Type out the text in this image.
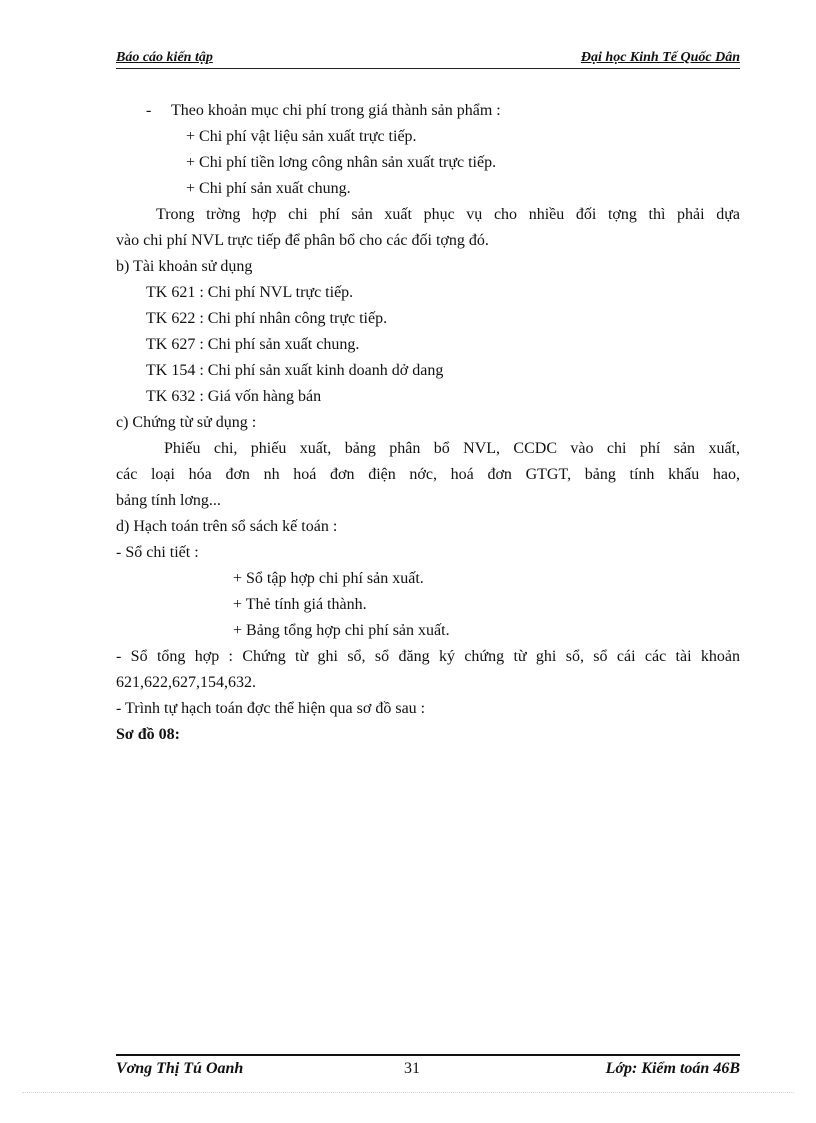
Báo cáo kiến tập	Đại học Kinh Tế Quốc Dân
- Theo khoản mục chi phí trong giá thành sản phẩm :
+ Chi phí vật liệu sản xuất trực tiếp.
+ Chi phí tiền lơng công nhân sản xuất trực tiếp.
+ Chi phí sản xuất chung.
Trong trờng hợp chi phí sản xuất phục vụ cho nhiều đối tợng thì phải dựa
vào chi phí NVL trực tiếp để phân bổ cho các đối tợng đó.
b) Tài khoản sử dụng
TK 621 : Chi phí NVL trực tiếp.
TK 622 : Chi phí nhân công trực tiếp.
TK 627 : Chi phí sản xuất chung.
TK 154 : Chi phí sản xuất kinh doanh dở dang
TK 632 : Giá vốn hàng bán
c) Chứng từ sử dụng :
Phiếu chi, phiếu xuất, bảng phân bổ NVL, CCDC vào chi phí sản xuất,
các loại hóa đơn nh hoá đơn điện nớc, hoá đơn GTGT, bảng tính khấu hao,
bảng tính lơng...
d) Hạch toán trên sổ sách kế toán :
- Sổ chi tiết :
+ Sổ tập hợp chi phí sản xuất.
+ Thẻ tính giá thành.
+ Bảng tổng hợp chi phí sản xuất.
- Sổ tổng hợp : Chứng từ ghi sổ, sổ đăng ký chứng từ ghi sổ, sổ cái các tài khoản
621,622,627,154,632.
- Trình tự hạch toán đợc thể hiện qua sơ đồ sau :
Sơ đồ 08:
Vơng Thị Tú Oanh	31	Lớp: Kiểm toán 46B
